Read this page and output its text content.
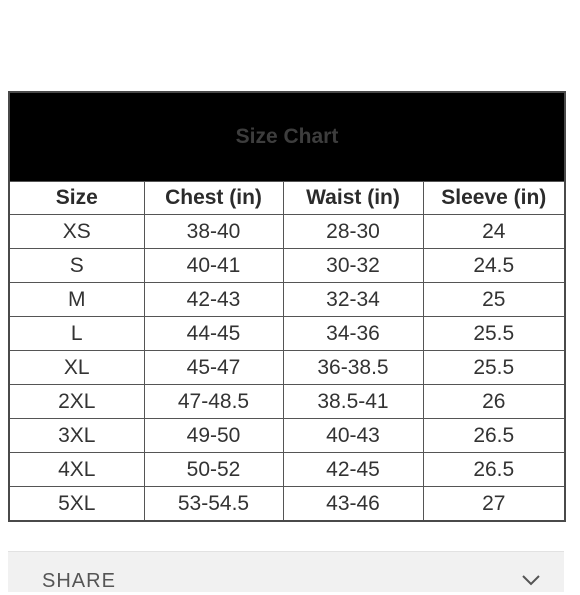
Size Chart			
Size	Chest (in)	Waist (in)	Sleeve (in)
XS	38-40	28-30	24
S	40-41	30-32	24.5
M	42-43	32-34	25
L	44-45	34-36	25.5
XL	45-47	36-38.5	25.5
2XL	47-48.5	38.5-41	26
3XL	49-50	40-43	26.5
4XL	50-52	42-45	26.5
5XL	53-54.5	43-46	27
SHARE
